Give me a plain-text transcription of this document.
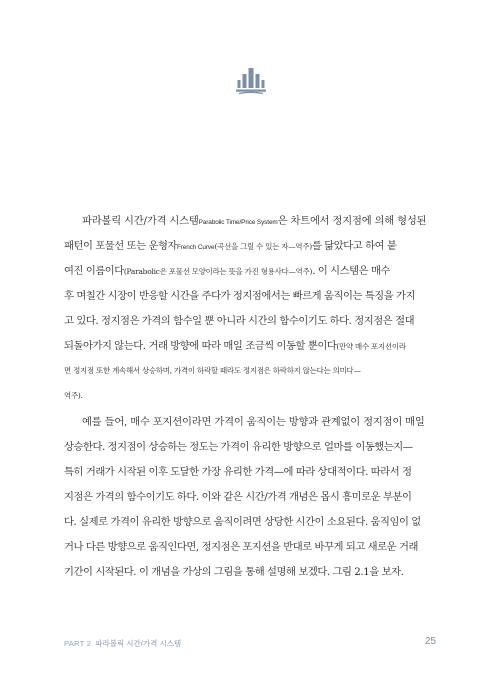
파라볼릭 시간/가격 시스템Parabolic Time/Price System은 차트에서 정지점에 의해 형성된
패턴이 포물선 또는 운형자French Curve(곡선을 그릴 수 있는 자—역주)를 닮았다고 하여 붙
여진 이름이다(Parabolic은 포물선 모양이라는 뜻을 가진 형용사다—역주). 이 시스템은 매수
후 며칠간 시장이 반응할 시간을 주다가 정지점에서는 빠르게 움직이는 특징을 가지
고 있다. 정지점은 가격의 함수일 뿐 아니라 시간의 함수이기도 하다. 정지점은 절대
되돌아가지 않는다. 거래 방향에 따라 매일 조금씩 이동할 뿐이다(만약 매수 포지션이라
면 정지점 또한 계속해서 상승하며, 가격이 하락할 때라도 정지점은 하락하지 않는다는 의미다—
역주).
예를 들어, 매수 포지션이라면 가격이 움직이는 방향과 관계없이 정지점이 매일
상승한다. 정지점이 상승하는 정도는 가격이 유리한 방향으로 얼마를 이동했는지—
특히 거래가 시작된 이후 도달한 가장 유리한 가격—에 따라 상대적이다. 따라서 정
지점은 가격의 함수이기도 하다. 이와 같은 시간/가격 개념은 몹시 흥미로운 부분이
다. 실제로 가격이 유리한 방향으로 움직이려면 상당한 시간이 소요된다. 움직임이 없
거나 다른 방향으로 움직인다면, 정지점은 포지션을 반대로 바꾸게 되고 새로운 거래
기간이 시작된다. 이 개념을 가상의 그림을 통해 설명해 보겠다. 그림 2.1을 보자.
PART 2 파라볼릭 시간/가격 시스템	25
